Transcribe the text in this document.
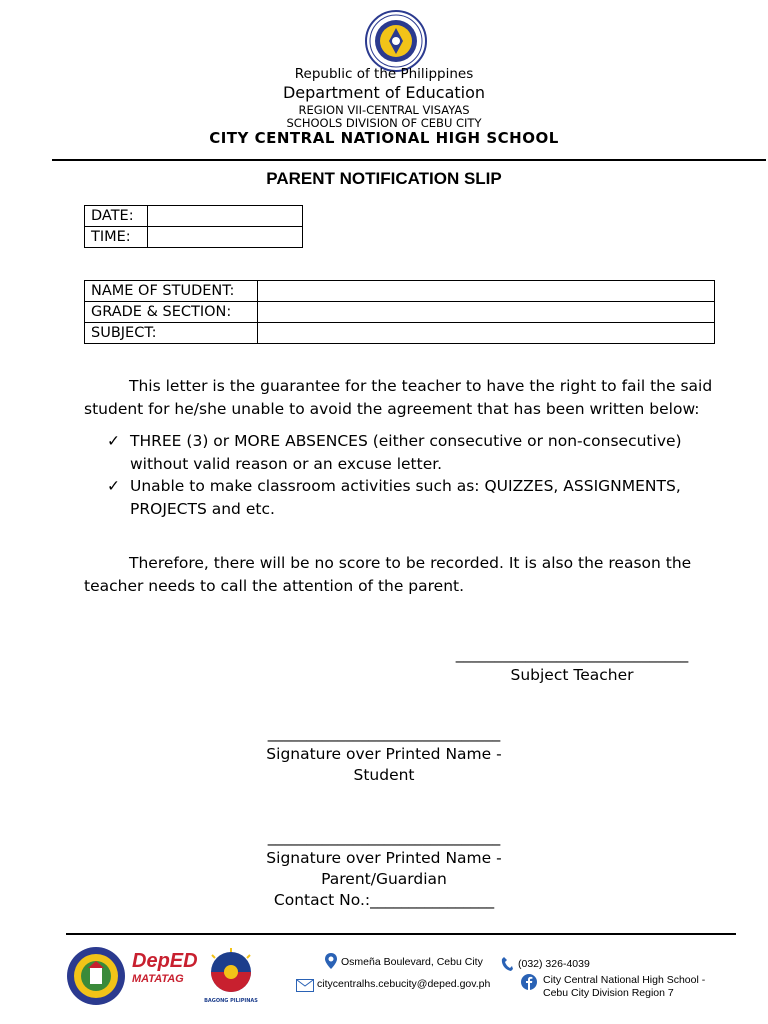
Republic of the Philippines
Department of Education
REGION VII-CENTRAL VISAYAS
SCHOOLS DIVISION OF CEBU CITY
CITY CENTRAL NATIONAL HIGH SCHOOL
PARENT NOTIFICATION SLIP
DATE:	
TIME:	
NAME OF STUDENT:	
GRADE & SECTION:	
SUBJECT:	
This letter is the guarantee for the teacher to have the right to fail the said
student for he/she unable to avoid the agreement that has been written below:
✓ THREE (3) or MORE ABSENCES (either consecutive or non-consecutive)
without valid reason or an excuse letter.
✓ Unable to make classroom activities such as: QUIZZES, ASSIGNMENTS,
PROJECTS and etc.
Therefore, there will be no score to be recorded. It is also the reason the
teacher needs to call the attention of the parent.
______________________________
Subject Teacher
______________________________
Signature over Printed Name -
Student
______________________________
Signature over Printed Name -
Parent/Guardian
Contact No.:________________
DepED
MATATAG
BAGONG PILIPINAS
Osmeña Boulevard, Cebu City	(032) 326-4039
citycentralhs.cebucity@deped.gov.ph	City Central National High School -
Cebu City Division Region 7
